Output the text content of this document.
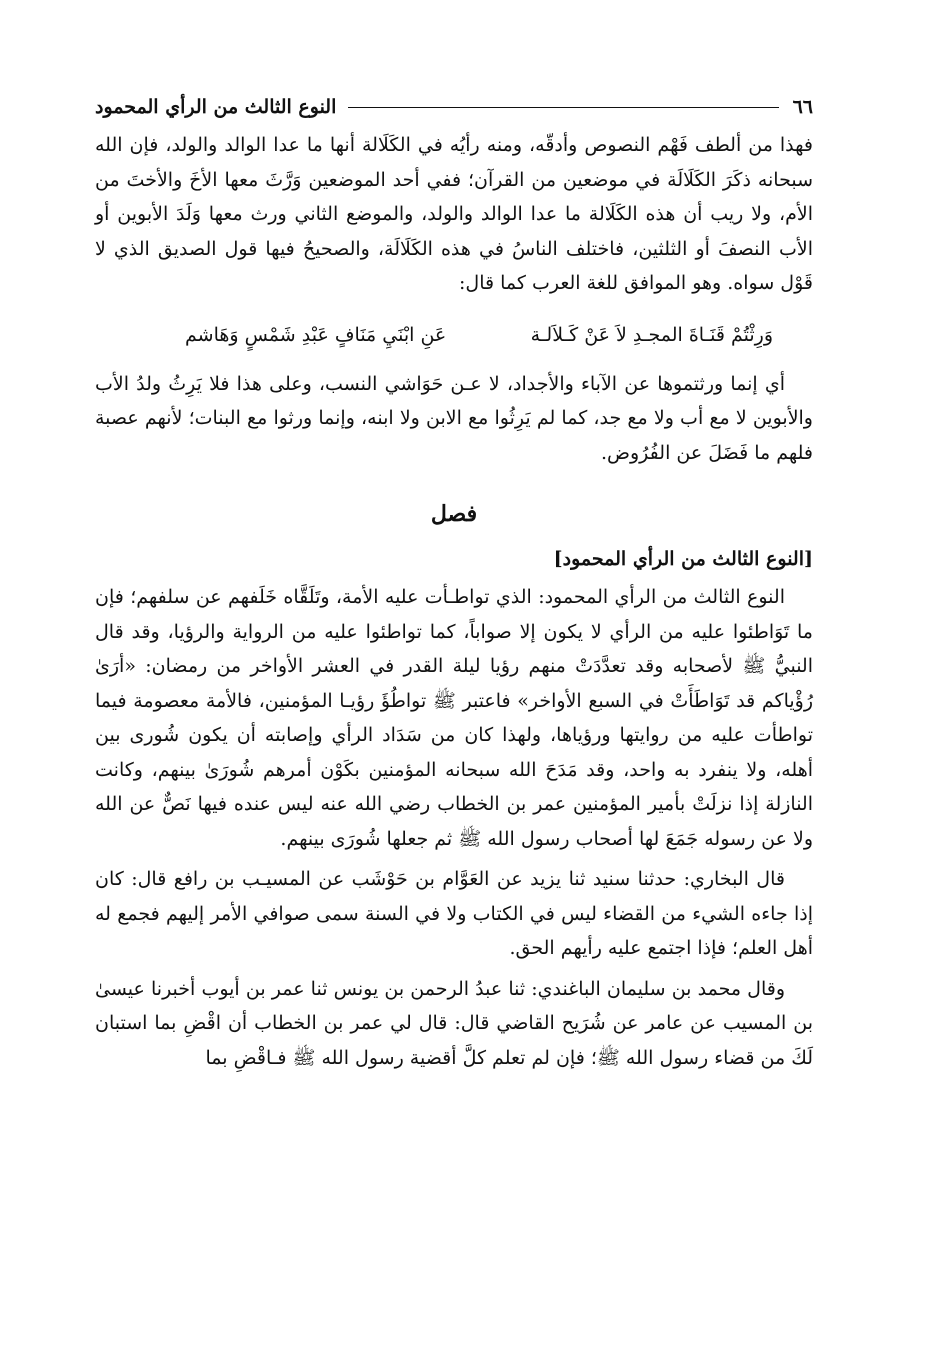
٦٦
النوع الثالث من الرأي المحمود

فهذا من ألطف فَهْم النصوص وأدقّه، ومنه رأيُه في الكَلَالة أنها ما عدا الوالد والولد، فإن الله سبحانه ذكَرَ الكَلَالَة في موضعين من القرآن؛ ففي أحد الموضعين وَرَّثَ معها الأخَ والأختَ من الأم، ولا ريب أن هذه الكَلَالة ما عدا الوالد والولد، والموضع الثاني ورث معها وَلَدَ الأبوين أو الأب النصفَ أو الثلثين، فاختلف الناسُ في هذه الكَلَالَة، والصحيحُ فيها قول الصديق الذي لا قَوْل سواه. وهو الموافق للغة العرب كما قال:

وَرِثْتُمْ قَنَـاةَ المجـدِ لاَ عَنْ كَـلاَلـة
عَنِ ابْنَيِ مَنَافٍ عَبْدِ شَمْسٍ وَهَاشم

أي إنما ورثتموها عن الآباء والأجداد، لا عـن حَوَاشي النسب، وعلى هذا فلا يَرِثُ ولدُ الأب والأبوين لا مع أب ولا مع جد، كما لم يَرِثُوا مع الابن ولا ابنه، وإنما ورثوا مع البنات؛ لأنهم عصبة فلهم ما فَضَلَ عن الفُرُوض.

فصل
[النوع الثالث من الرأي المحمود]

النوع الثالث من الرأي المحمود: الذي تواطـأت عليه الأمة، وتَلَقَّاه خَلَفهم عن سلفهم؛ فإن ما تَوَاطئوا عليه من الرأي لا يكون إلا صواباً، كما تواطئوا عليه من الرواية والرؤيا، وقد قال النبيُّ ﷺ لأصحابه وقد تعدَّدَتْ منهم رؤيا ليلة القدر في العشر الأواخر من رمضان: «أرَىٰ رُؤْياكم قد تَوَاطَأَتْ في السبع الأواخر» فاعتبر ﷺ تواطُؤَ رؤيـا المؤمنين، فالأمة معصومة فيما تواطأت عليه من روايتها ورؤياها، ولهذا كان من سَدَاد الرأي وإصابته أن يكون شُورى بين أهله، ولا ينفرد به واحد، وقد مَدَحَ الله سبحانه المؤمنين بكَوْن أمرهم شُورَىٰ بينهم، وكانت النازلة إذا نزلَتْ بأمير المؤمنين عمر بن الخطاب رضي الله عنه ليس عنده فيها نَصٌّ عن الله ولا عن رسوله جَمَعَ لها أصحاب رسول الله ﷺ ثم جعلها شُورَى بينهم.

قال البخاري: حدثنا سنيد ثنا يزيد عن العَوَّام بن حَوْشَب عن المسيـب بن رافع قال: كان إذا جاءه الشيء من القضاء ليس في الكتاب ولا في السنة سمى صوافي الأمر إليهم فجمع له أهل العلم؛ فإذا اجتمع عليه رأيهم الحق.

وقال محمد بن سليمان الباغندي: ثنا عبدُ الرحمن بن يونس ثنا عمر بن أيوب أخبرنا عيسىٰ بن المسيب عن عامر عن شُرَيح القاضي قال: قال لي عمر بن الخطاب أن اقْضِ بما استبان لَكَ من قضاء رسول الله ﷺ؛ فإن لم تعلم كلَّ أقضية رسول الله ﷺ فـاقْضِ بما
